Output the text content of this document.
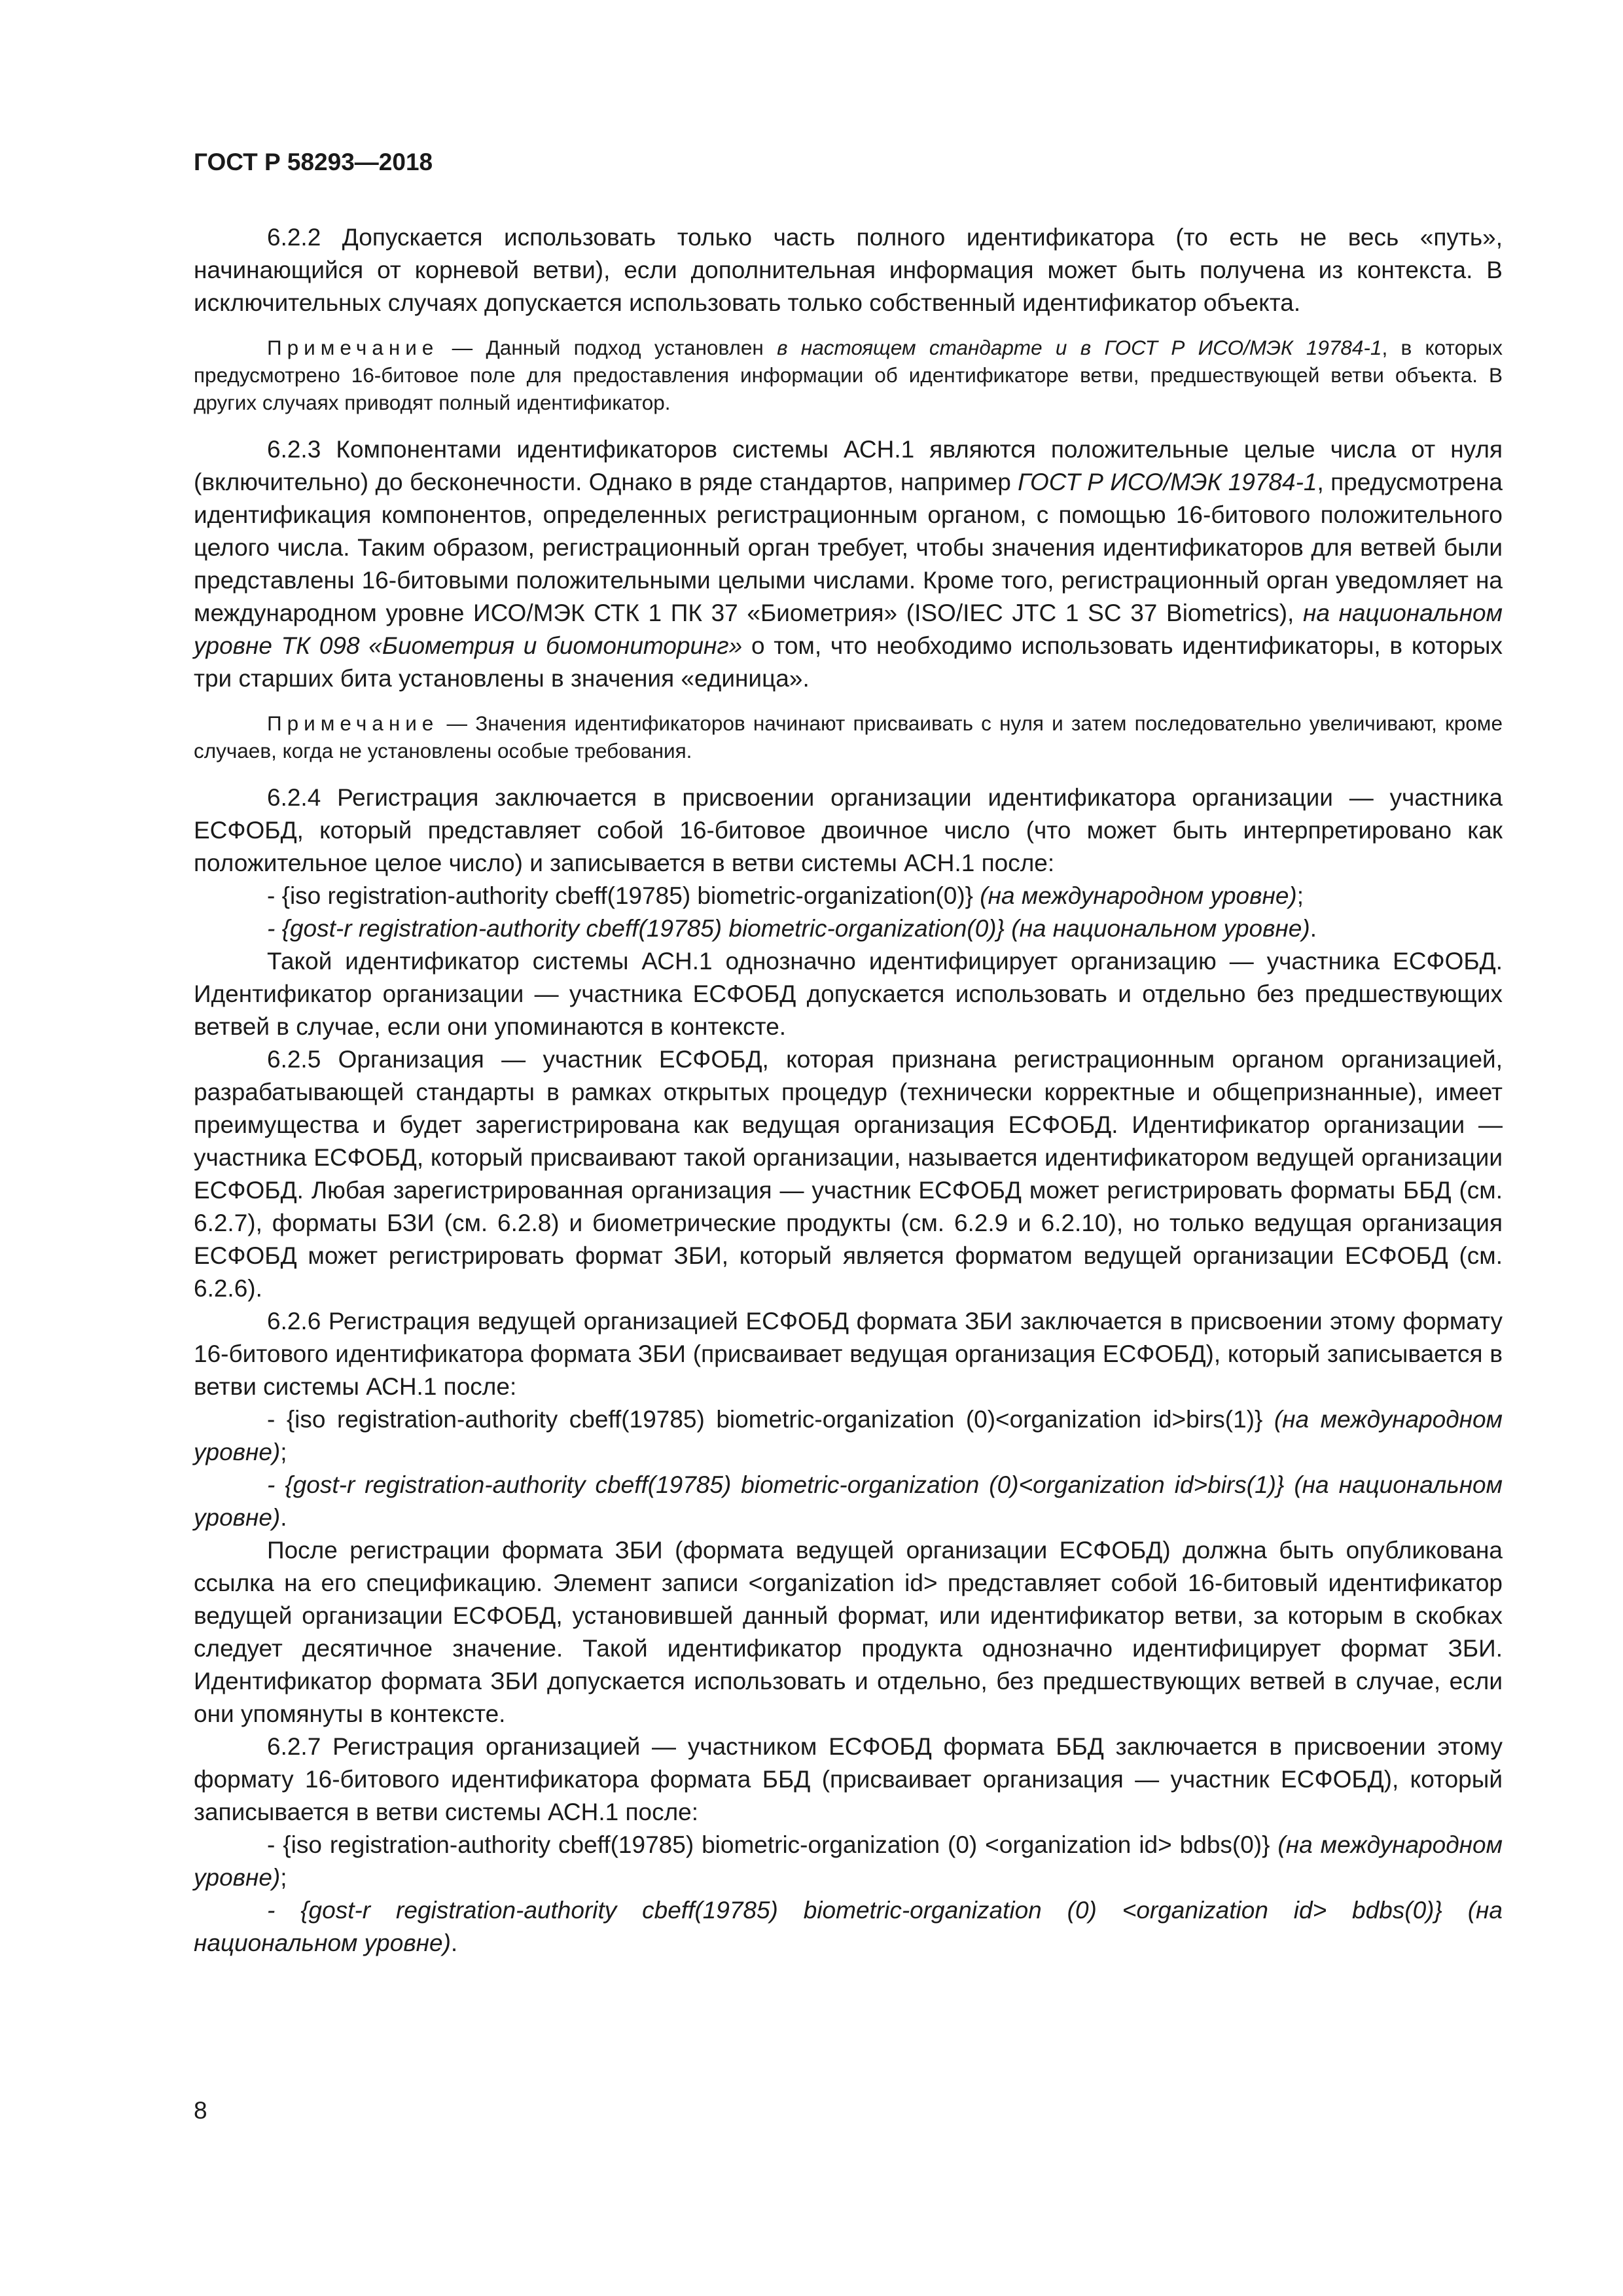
ГОСТ Р 58293—2018

6.2.2 Допускается использовать только часть полного идентификатора (то есть не весь «путь», начинающийся от корневой ветви), если дополнительная информация может быть получена из контекста. В исключительных случаях допускается использовать только собственный идентификатор объекта.

Примечание — Данный подход установлен в настоящем стандарте и в ГОСТ Р ИСО/МЭК 19784-1, в которых предусмотрено 16-битовое поле для предоставления информации об идентификаторе ветви, предшествующей ветви объекта. В других случаях приводят полный идентификатор.

6.2.3 Компонентами идентификаторов системы АСН.1 являются положительные целые числа от нуля (включительно) до бесконечности. Однако в ряде стандартов, например ГОСТ Р ИСО/МЭК 19784-1, предусмотрена идентификация компонентов, определенных регистрационным органом, с помощью 16-битового положительного целого числа. Таким образом, регистрационный орган требует, чтобы значения идентификаторов для ветвей были представлены 16-битовыми положительными целыми числами. Кроме того, регистрационный орган уведомляет на международном уровне ИСО/МЭК СТК 1 ПК 37 «Биометрия» (ISO/IEC JTC 1 SC 37 Biometrics), на национальном уровне ТК 098 «Биометрия и биомониторинг» о том, что необходимо использовать идентификаторы, в которых три старших бита установлены в значения «единица».

Примечание — Значения идентификаторов начинают присваивать с нуля и затем последовательно увеличивают, кроме случаев, когда не установлены особые требования.

6.2.4 Регистрация заключается в присвоении организации идентификатора организации — участника ЕСФОБД, который представляет собой 16-битовое двоичное число (что может быть интерпретировано как положительное целое число) и записывается в ветви системы АСН.1 после:

- {iso registration-authority cbeff(19785) biometric-organization(0)} (на международном уровне);

- {gost-r registration-authority cbeff(19785) biometric-organization(0)} (на национальном уровне).

Такой идентификатор системы АСН.1 однозначно идентифицирует организацию — участника ЕСФОБД. Идентификатор организации — участника ЕСФОБД допускается использовать и отдельно без предшествующих ветвей в случае, если они упоминаются в контексте.

6.2.5 Организация — участник ЕСФОБД, которая признана регистрационным органом организацией, разрабатывающей стандарты в рамках открытых процедур (технически корректные и общепризнанные), имеет преимущества и будет зарегистрирована как ведущая организация ЕСФОБД. Идентификатор организации — участника ЕСФОБД, который присваивают такой организации, называется идентификатором ведущей организации ЕСФОБД. Любая зарегистрированная организация — участник ЕСФОБД может регистрировать форматы ББД (см. 6.2.7), форматы БЗИ (см. 6.2.8) и биометрические продукты (см. 6.2.9 и 6.2.10), но только ведущая организация ЕСФОБД может регистрировать формат ЗБИ, который является форматом ведущей организации ЕСФОБД (см. 6.2.6).

6.2.6 Регистрация ведущей организацией ЕСФОБД формата ЗБИ заключается в присвоении этому формату 16-битового идентификатора формата ЗБИ (присваивает ведущая организация ЕСФОБД), который записывается в ветви системы АСН.1 после:

- {iso registration-authority cbeff(19785) biometric-organization (0)<organization id>birs(1)} (на международном уровне);

- {gost-r registration-authority cbeff(19785) biometric-organization (0)<organization id>birs(1)} (на национальном уровне).

После регистрации формата ЗБИ (формата ведущей организации ЕСФОБД) должна быть опубликована ссылка на его спецификацию. Элемент записи <organization id> представляет собой 16-битовый идентификатор ведущей организации ЕСФОБД, установившей данный формат, или идентификатор ветви, за которым в скобках следует десятичное значение. Такой идентификатор продукта однозначно идентифицирует формат ЗБИ. Идентификатор формата ЗБИ допускается использовать и отдельно, без предшествующих ветвей в случае, если они упомянуты в контексте.

6.2.7 Регистрация организацией — участником ЕСФОБД формата ББД заключается в присвоении этому формату 16-битового идентификатора формата ББД (присваивает организация — участник ЕСФОБД), который записывается в ветви системы АСН.1 после:

- {iso registration-authority cbeff(19785) biometric-organization (0) <organization id> bdbs(0)} (на международном уровне);

- {gost-r registration-authority cbeff(19785) biometric-organization (0) <organization id> bdbs(0)} (на национальном уровне).

8
